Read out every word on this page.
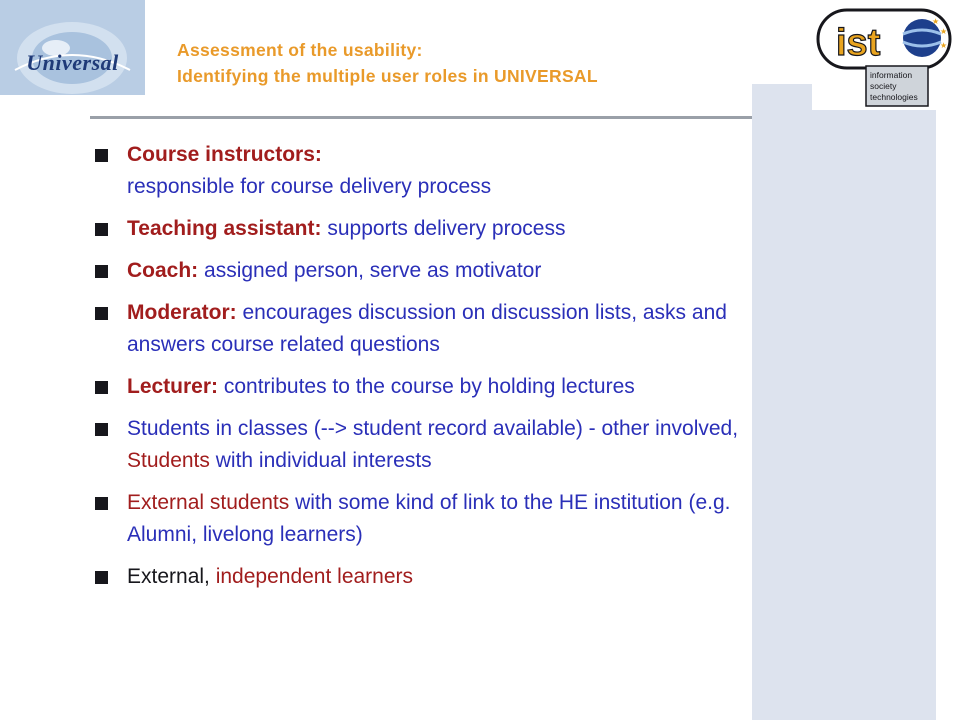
Universal	Assessment of the usability:
Identifying the multiple user roles in UNIVERSAL
ist
★
★
★
information
society
technologies
Course instructors:
responsible for course delivery process
Teaching assistant: supports delivery process
Coach: assigned person, serve as motivator
Moderator: encourages discussion on discussion lists, asks and answers course related questions
Lecturer: contributes to the course by holding lectures
Students in classes (--> student record available) - other involved, Students with individual interests
External students with some kind of link to the HE institution (e.g. Alumni, livelong learners)
External, independent learners
